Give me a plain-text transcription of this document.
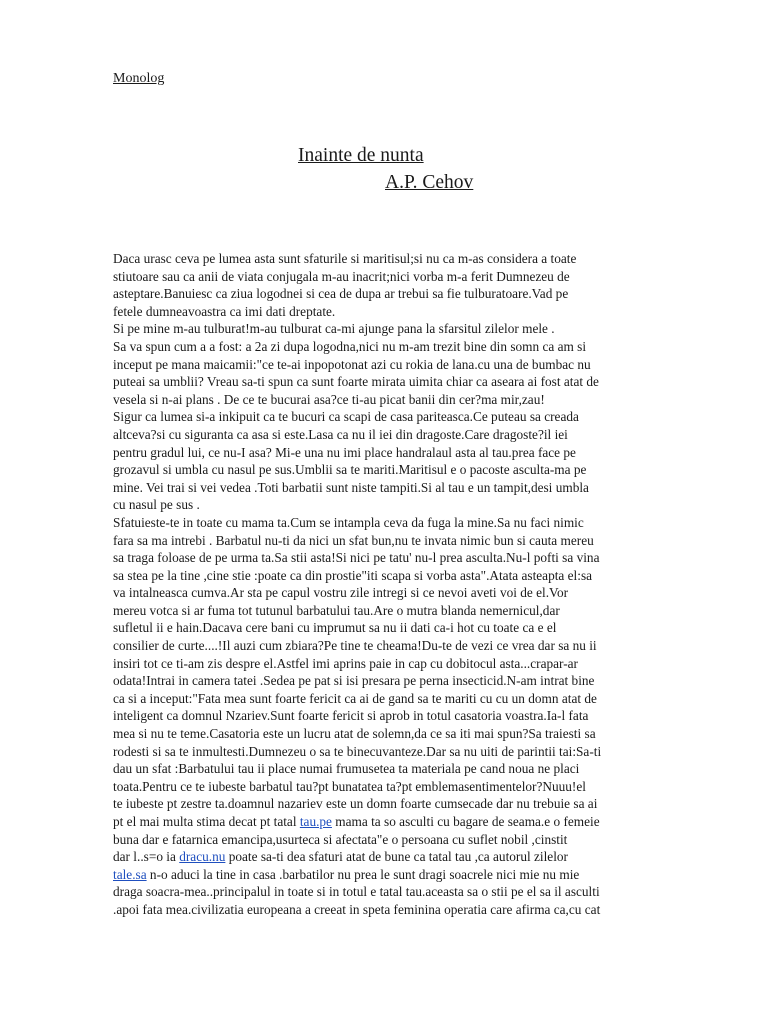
Monolog
Inainte de nunta
A.P. Cehov
Daca urasc ceva pe lumea asta sunt sfaturile si maritisul;si nu ca m-as considera a toate
stiutoare sau ca anii de viata conjugala m-au inacrit;nici vorba m-a ferit Dumnezeu de
asteptare.Banuiesc ca ziua logodnei si cea de dupa ar trebui sa fie tulburatoare.Vad pe
fetele dumneavoastra ca imi dati dreptate.
Si pe mine m-au tulburat!m-au tulburat ca-mi ajunge pana la sfarsitul zilelor mele .
Sa va spun cum a a fost: a 2a zi dupa logodna,nici nu m-am trezit bine din somn ca am si
inceput pe mana maicamii:"ce te-ai inpopotonat azi cu rokia de lana.cu una de bumbac nu
puteai sa umblii? Vreau sa-ti spun ca sunt foarte mirata uimita chiar ca aseara ai fost atat de
vesela si n-ai plans . De ce te bucurai asa?ce ti-au picat banii din cer?ma mir,zau!
Sigur ca lumea si-a inkipuit ca te bucuri ca scapi de casa pariteasca.Ce puteau sa creada
altceva?si cu siguranta ca asa si este.Lasa ca nu il iei din dragoste.Care dragoste?il iei
pentru gradul lui, ce nu-I asa? Mi-e una nu imi place handralaul asta al tau.prea face pe
grozavul si umbla cu nasul pe sus.Umblii sa te mariti.Maritisul e o pacoste asculta-ma pe
mine. Vei trai si vei vedea .Toti barbatii sunt niste tampiti.Si al tau e un tampit,desi umbla
cu nasul pe sus .
Sfatuieste-te in toate cu mama ta.Cum se intampla ceva da fuga la mine.Sa nu faci nimic
fara sa ma intrebi . Barbatul nu-ti da nici un sfat bun,nu te invata nimic bun si cauta mereu
sa traga foloase de pe urma ta.Sa stii asta!Si nici pe tatu' nu-l prea asculta.Nu-l pofti sa vina
sa stea pe la tine ,cine stie :poate ca din prostie"iti scapa si vorba asta".Atata asteapta el:sa
va intalneasca cumva.Ar sta pe capul vostru zile intregi si ce nevoi aveti voi de el.Vor
mereu votca si ar fuma tot tutunul barbatului tau.Are o mutra blanda nemernicul,dar
sufletul ii e hain.Dacava cere bani cu imprumut sa nu ii dati ca-i hot cu toate ca e el
consilier de curte....!Il auzi cum zbiara?Pe tine te cheama!Du-te de vezi ce vrea dar sa nu ii
insiri tot ce ti-am zis despre el.Astfel imi aprins paie in cap cu dobitocul asta...crapar-ar
odata!Intrai in camera tatei .Sedea pe pat si isi presara pe perna insecticid.N-am intrat bine
ca si a inceput:"Fata mea sunt foarte fericit ca ai de gand sa te mariti cu cu un domn atat de
inteligent ca domnul Nzariev.Sunt foarte fericit si aprob in totul casatoria voastra.Ia-l fata
mea si nu te teme.Casatoria este un lucru atat de solemn,da ce sa iti mai spun?Sa traiesti sa
rodesti si sa te inmultesti.Dumnezeu o sa te binecuvanteze.Dar sa nu uiti de parintii tai:Sa-ti
dau un sfat :Barbatului tau ii place numai frumusetea ta materiala pe cand noua ne placi
toata.Pentru ce te iubeste barbatul tau?pt bunatatea ta?pt emblemasentimentelor?Nuuu!el
te iubeste pt zestre ta.doamnul nazariev este un domn foarte cumsecade dar nu trebuie sa ai
pt el mai multa stima decat pt tatal tau.pe mama ta so asculti cu bagare de seama.e o femeie
buna dar e fatarnica emancipa,usurteca si afectata"e o persoana cu suflet nobil ,cinstit
dar l..s=o ia dracu.nu poate sa-ti dea sfaturi atat de bune ca tatal tau ,ca autorul zilelor
tale.sa n-o aduci la tine in casa .barbatilor nu prea le sunt dragi soacrele nici mie nu mie
draga soacra-mea..principalul in toate si in totul e tatal tau.aceasta sa o stii pe el sa il asculti
.apoi fata mea.civilizatia europeana a creeat in speta feminina operatia care afirma ca,cu cat
